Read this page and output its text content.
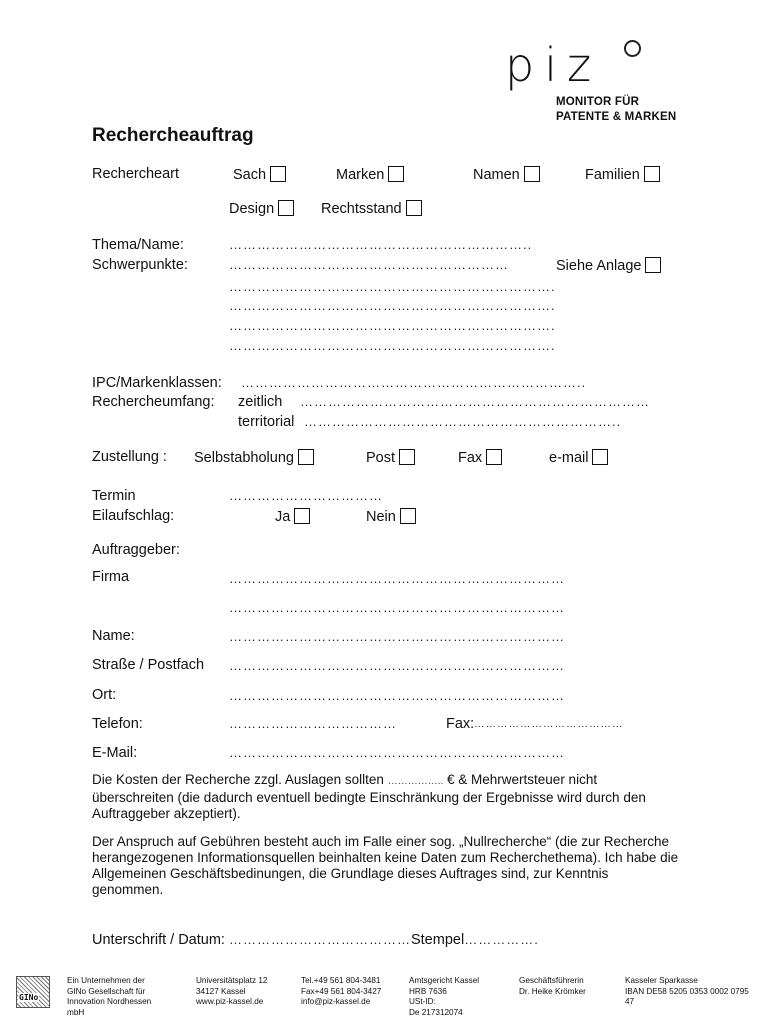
piz
MONITOR FÜR
PATENTE & MARKEN
Rechercheauftrag
Rechercheart	Sach	Marken	Namen	Familien
Design	Rechtsstand
Thema/Name:	………………………………………………………..
Schwerpunkte:	……………………………………………………	Siehe Anlage
…………………………………………………………….
…………………………………………………………….
…………………………………………………………….
…………………………………………………………….
IPC/Markenklassen: ………………………………………………………………..
Rechercheumfang: zeitlich …………………………………………………………………
territorial …………………………………………………………..
Zustellung : Selbstabholung	Post	Fax	e-mail
Termin	……………………………
Eilaufschlag:	Ja	Nein
Auftraggeber:
Firma	………………………………………………………………
………………………………………………………………
Name:	………………………………………………………………
Straße / Postfach ………………………………………………………………
Ort:	………………………………………………………………
Telefon:	………………………………	Fax: …………………………………
E-Mail:	………………………………………………………………
Die Kosten der Recherche zzgl. Auslagen sollten …………….. € & Mehrwertsteuer nicht überschreiten (die dadurch eventuell bedingte Einschränkung der Ergebnisse wird durch den Auftraggeber akzeptiert).
Der Anspruch auf Gebühren besteht auch im Falle einer sog. „Nullrecherche“ (die zur Recherche herangezogenen Informationsquellen beinhalten keine Daten zum Recherchethema). Ich habe die Allgemeinen Geschäftsbedinungen, die Grundlage dieses Auftrages sind, zur Kenntnis genommen.
Unterschrift / Datum: …………………………………Stempel…………….
GINo
Ein Unternehmen der
GINo Gesellschaft für
Innovation Nordhessen
mbH
Universitätsplatz 12
34127 Kassel
www.piz-kassel.de
Tel.+49 561 804-3481
Fax+49 561 804-3427
info@piz-kassel.de
Amtsgericht Kassel
HRB 7636
USt-ID:
De 217312074
Geschäftsführerin
Dr. Heike Krömker
Kasseler Sparkasse
IBAN DE58 5205 0353 0002 0795
47
